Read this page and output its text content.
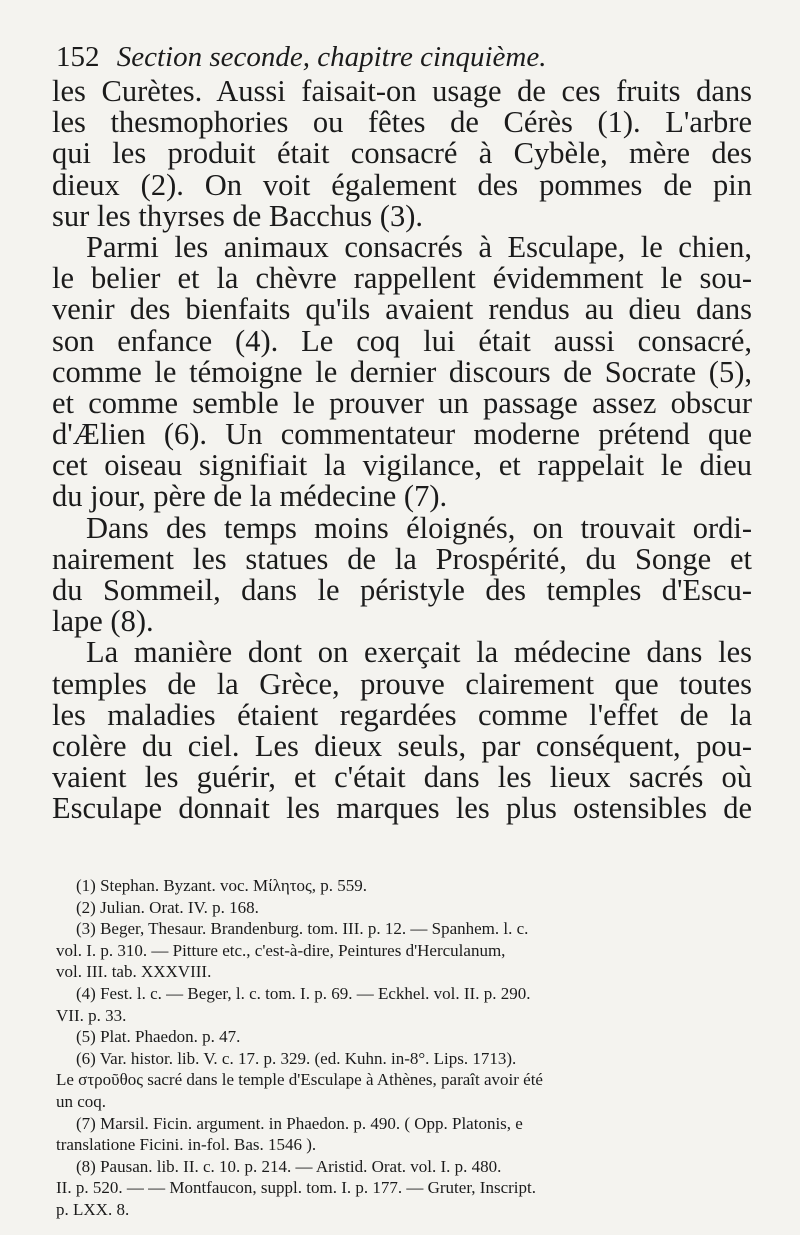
152 Section seconde, chapitre cinquième.
les Curètes. Aussi faisait-on usage de ces fruits dans
les thesmophories ou fêtes de Cérès (1). L'arbre
qui les produit était consacré à Cybèle, mère des
dieux (2). On voit également des pommes de pin
sur les thyrses de Bacchus (3).
Parmi les animaux consacrés à Esculape, le chien,
le belier et la chèvre rappellent évidemment le sou-
venir des bienfaits qu'ils avaient rendus au dieu dans
son enfance (4). Le coq lui était aussi consacré,
comme le témoigne le dernier discours de Socrate (5),
et comme semble le prouver un passage assez obscur
d'Ælien (6). Un commentateur moderne prétend que
cet oiseau signifiait la vigilance, et rappelait le dieu
du jour, père de la médecine (7).
Dans des temps moins éloignés, on trouvait ordi-
nairement les statues de la Prospérité, du Songe et
du Sommeil, dans le péristyle des temples d'Escu-
lape (8).
La manière dont on exerçait la médecine dans les
temples de la Grèce, prouve clairement que toutes
les maladies étaient regardées comme l'effet de la
colère du ciel. Les dieux seuls, par conséquent, pou-
vaient les guérir, et c'était dans les lieux sacrés où
Esculape donnait les marques les plus ostensibles de
(1) Stephan. Byzant. voc. Μίλητος, p. 559.
(2) Julian. Orat. IV. p. 168.
(3) Beger, Thesaur. Brandenburg. tom. III. p. 12. — Spanhem. l. c.
vol. I. p. 310. — Pitture etc., c'est-à-dire, Peintures d'Herculanum,
vol. III. tab. XXXVIII.
(4) Fest. l. c. — Beger, l. c. tom. I. p. 69. — Eckhel. vol. II. p. 290.
VII. p. 33.
(5) Plat. Phaedon. p. 47.
(6) Var. histor. lib. V. c. 17. p. 329. (ed. Kuhn. in-8°. Lips. 1713).
Le στροῦθος sacré dans le temple d'Esculape à Athènes, paraît avoir été
un coq.
(7) Marsil. Ficin. argument. in Phaedon. p. 490. ( Opp. Platonis, e
translatione Ficini. in-fol. Bas. 1546 ).
(8) Pausan. lib. II. c. 10. p. 214. — Aristid. Orat. vol. I. p. 480.
II. p. 520. — — Montfaucon, suppl. tom. I. p. 177. — Gruter, Inscript.
p. LXX. 8.
